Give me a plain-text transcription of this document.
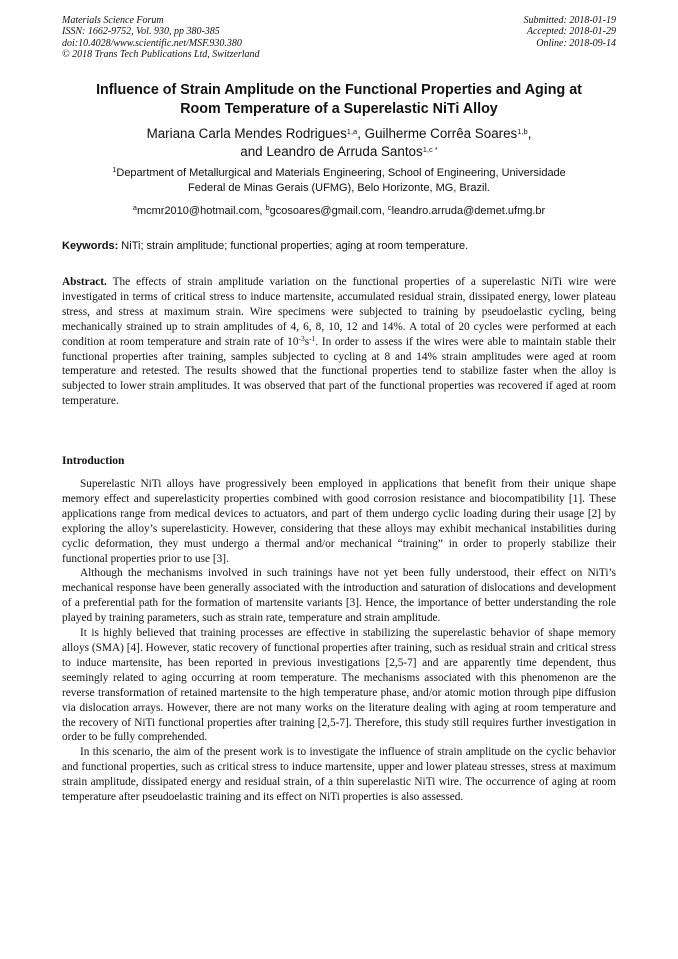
Materials Science Forum
ISSN: 1662-9752, Vol. 930, pp 380-385
doi:10.4028/www.scientific.net/MSF.930.380
© 2018 Trans Tech Publications Ltd, Switzerland
Submitted: 2018-01-19
Accepted: 2018-01-29
Online: 2018-09-14
Influence of Strain Amplitude on the Functional Properties and Aging at
Room Temperature of a Superelastic NiTi Alloy
Mariana Carla Mendes Rodrigues$^{1,a}$, Guilherme Corrêa Soares$^{1,b}$,
and Leandro de Arruda Santos$^{1,c *}$
$^1$Department of Metallurgical and Materials Engineering, School of Engineering, Universidade
Federal de Minas Gerais (UFMG), Belo Horizonte, MG, Brazil.
$^a$mcmr2010@hotmail.com, $^b$gcosoares@gmail.com, $^c$leandro.arruda@demet.ufmg.br
Keywords: NiTi; strain amplitude; functional properties; aging at room temperature.
Abstract. The effects of strain amplitude variation on the functional properties of a superelastic NiTi wire were investigated in terms of critical stress to induce martensite, accumulated residual strain, dissipated energy, lower plateau stress, and stress at maximum strain. Wire specimens were subjected to training by pseudoelastic cycling, being mechanically strained up to strain amplitudes of 4, 6, 8, 10, 12 and 14%. A total of 20 cycles were performed at each condition at room temperature and strain rate of $10^{-3}s^{-1}$. In order to assess if the wires were able to maintain stable their functional properties after training, samples subjected to cycling at 8 and 14% strain amplitudes were aged at room temperature and retested. The results showed that the functional properties tend to stabilize faster when the alloy is subjected to lower strain amplitudes. It was observed that part of the functional properties was recovered if aged at room temperature.
Introduction

Superelastic NiTi alloys have progressively been employed in applications that benefit from their unique shape memory effect and superelasticity properties combined with good corrosion resistance and biocompatibility [1]. These applications range from medical devices to actuators, and part of them undergo cyclic loading during their usage [2] by exploring the alloy’s superelasticity. However, considering that these alloys may exhibit mechanical instabilities during cyclic deformation, they must undergo a thermal and/or mechanical “training” in order to properly stabilize their functional properties prior to use [3].

Although the mechanisms involved in such trainings have not yet been fully understood, their effect on NiTi’s mechanical response have been generally associated with the introduction and saturation of dislocations and development of a preferential path for the formation of martensite variants [3]. Hence, the importance of better understanding the role played by training parameters, such as strain rate, temperature and strain amplitude.

It is highly believed that training processes are effective in stabilizing the superelastic behavior of shape memory alloys (SMA) [4]. However, static recovery of functional properties after training, such as residual strain and critical stress to induce martensite, has been reported in previous investigations [2,5-7] and are apparently time dependent, thus seemingly related to aging occurring at room temperature. The mechanisms associated with this phenomenon are the reverse transformation of retained martensite to the high temperature phase, and/or atomic motion through pipe diffusion via dislocation arrays. However, there are not many works on the literature dealing with aging at room temperature and the recovery of NiTi functional properties after training [2,5-7]. Therefore, this study still requires further investigation in order to be fully comprehended.

In this scenario, the aim of the present work is to investigate the influence of strain amplitude on the cyclic behavior and functional properties, such as critical stress to induce martensite, upper and lower plateau stresses, stress at maximum strain amplitude, dissipated energy and residual strain, of a thin superelastic NiTi wire. The occurrence of aging at room temperature after pseudoelastic training and its effect on NiTi properties is also assessed.
